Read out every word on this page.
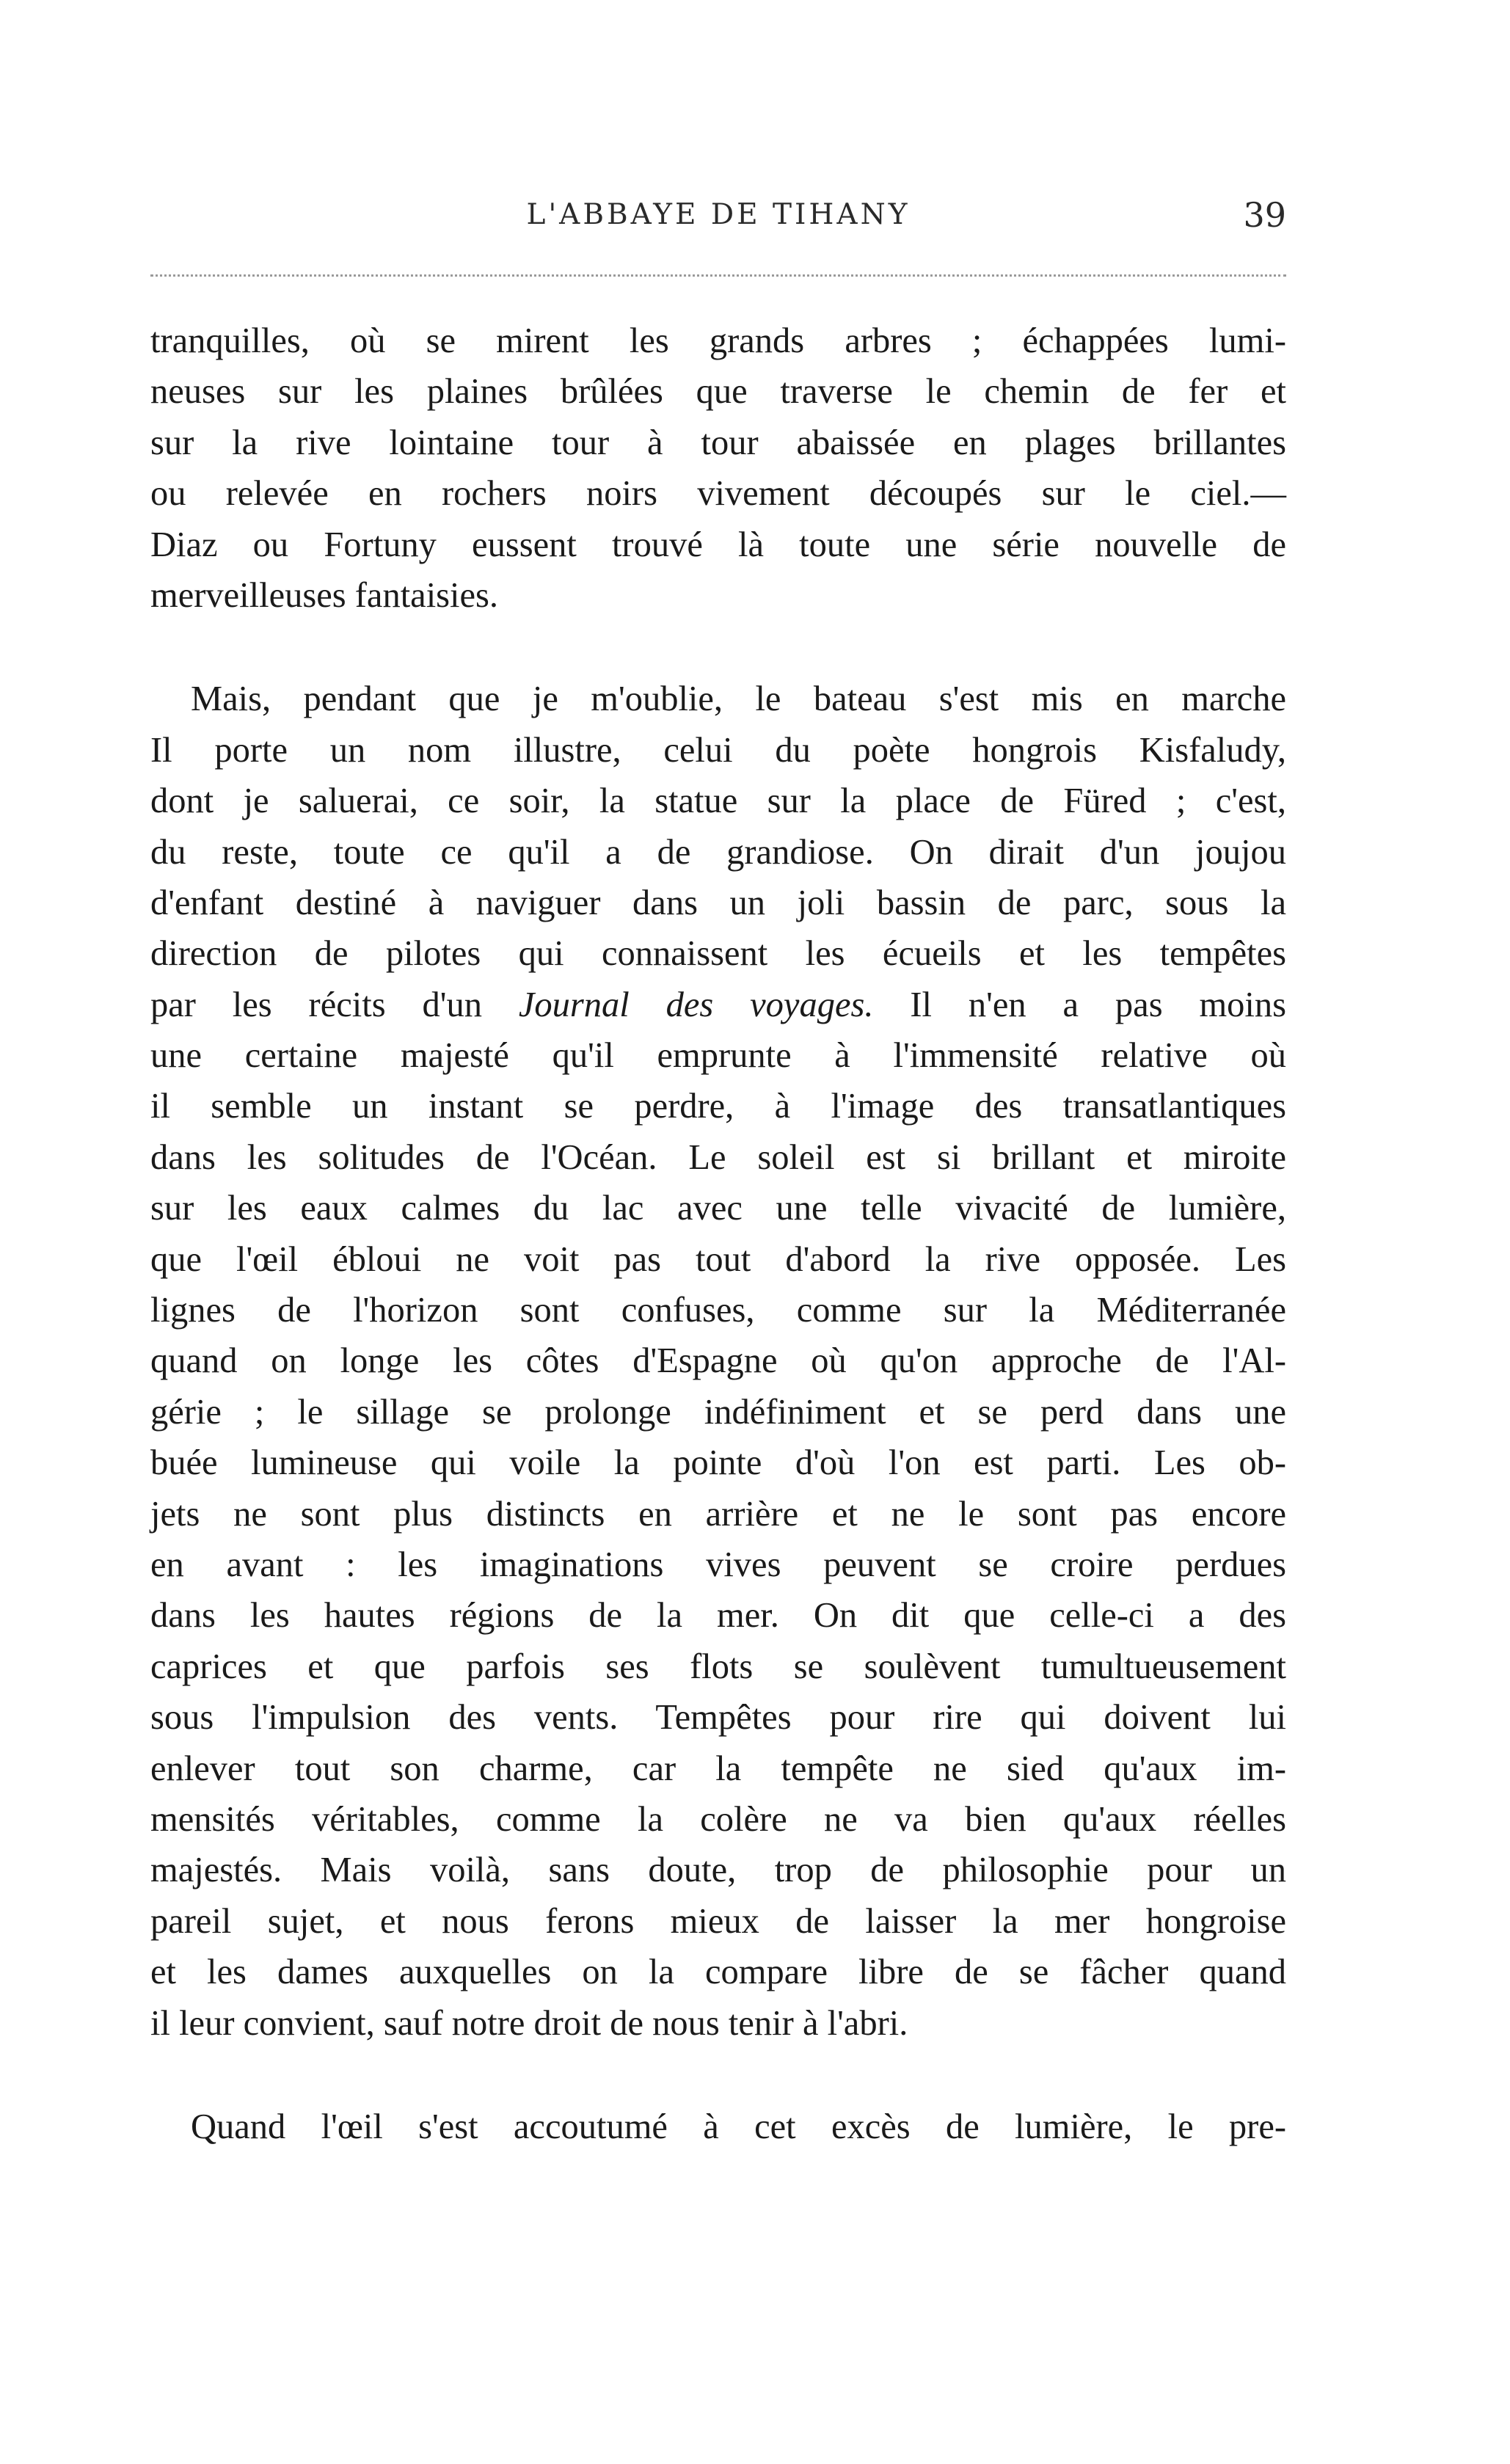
L'ABBAYE DE TIHANY	39
tranquilles, où se mirent les grands arbres ; échappées lumi-
neuses sur les plaines brûlées que traverse le chemin de fer et
sur la rive lointaine tour à tour abaissée en plages brillantes
ou relevée en rochers noirs vivement découpés sur le ciel.—
Diaz ou Fortuny eussent trouvé là toute une série nouvelle de
merveilleuses fantaisies.
Mais, pendant que je m'oublie, le bateau s'est mis en marche
Il porte un nom illustre, celui du poète hongrois Kisfaludy,
dont je saluerai, ce soir, la statue sur la place de Füred ; c'est,
du reste, toute ce qu'il a de grandiose. On dirait d'un joujou
d'enfant destiné à naviguer dans un joli bassin de parc, sous la
direction de pilotes qui connaissent les écueils et les tempêtes
par les récits d'un Journal des voyages. Il n'en a pas moins
une certaine majesté qu'il emprunte à l'immensité relative où
il semble un instant se perdre, à l'image des transatlantiques
dans les solitudes de l'Océan. Le soleil est si brillant et miroite
sur les eaux calmes du lac avec une telle vivacité de lumière,
que l'œil ébloui ne voit pas tout d'abord la rive opposée. Les
lignes de l'horizon sont confuses, comme sur la Méditerranée
quand on longe les côtes d'Espagne où qu'on approche de l'Al-
gérie ; le sillage se prolonge indéfiniment et se perd dans une
buée lumineuse qui voile la pointe d'où l'on est parti. Les ob-
jets ne sont plus distincts en arrière et ne le sont pas encore
en avant : les imaginations vives peuvent se croire perdues
dans les hautes régions de la mer. On dit que celle-ci a des
caprices et que parfois ses flots se soulèvent tumultueusement
sous l'impulsion des vents. Tempêtes pour rire qui doivent lui
enlever tout son charme, car la tempête ne sied qu'aux im-
mensités véritables, comme la colère ne va bien qu'aux réelles
majestés. Mais voilà, sans doute, trop de philosophie pour un
pareil sujet, et nous ferons mieux de laisser la mer hongroise
et les dames auxquelles on la compare libre de se fâcher quand
il leur convient, sauf notre droit de nous tenir à l'abri.
Quand l'œil s'est accoutumé à cet excès de lumière, le pre-
